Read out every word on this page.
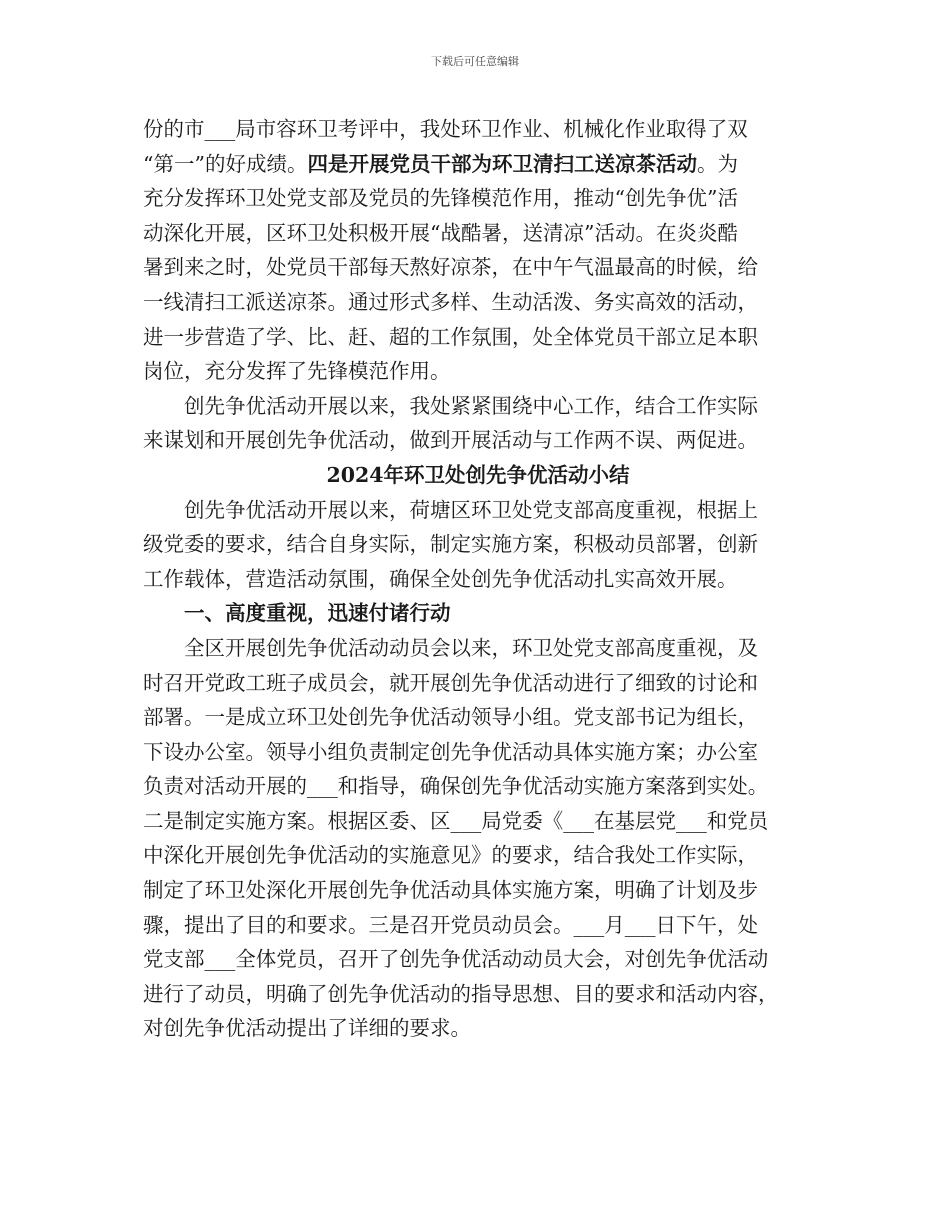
下载后可任意编辑
份的市___局市容环卫考评中，我处环卫作业、机械化作业取得了双
“第一”的好成绩。 四是开展党员干部为环卫清扫工送凉茶活动 。为
充分发挥环卫处党支部及党员的先锋模范作用，推动“创先争优”活
动深化开展，区环卫处积极开展“战酷暑，送清凉”活动。在炎炎酷
暑到来之时，处党员干部每天熬好凉茶，在中午气温最高的时候，给
一线清扫工派送凉茶。通过形式多样、生动活泼、务实高效的活动，
进一步营造了学、比、赶、超的工作氛围，处全体党员干部立足本职
岗位，充分发挥了先锋模范作用。
创先争优活动开展以来，我处紧紧围绕中心工作，结合工作实际
来谋划和开展创先争优活动，做到开展活动与工作两不误、两促进。
2024年环卫处创先争优活动小结
创先争优活动开展以来，荷塘区环卫处党支部高度重视，根据上
级党委的要求，结合自身实际，制定实施方案，积极动员部署，创新
工作载体，营造活动氛围，确保全处创先争优活动扎实高效开展。
一、高度重视，迅速付诸行动
全区开展创先争优活动动员会以来，环卫处党支部高度重视，及
时召开党政工班子成员会，就开展创先争优活动进行了细致的讨论和
部署。一是成立环卫处创先争优活动领导小组。党支部书记为组长，
下设办公室。领导小组负责制定创先争优活动具体实施方案；办公室
负责对活动开展的___和指导，确保创先争优活动实施方案落到实处。
二是制定实施方案。根据区委、区___局党委《___在基层党___和党员
中深化开展创先争优活动的实施意见》的要求，结合我处工作实际，
制定了环卫处深化开展创先争优活动具体实施方案，明确了计划及步
骤，提出了目的和要求。三是召开党员动员会。___月___日下午，处
党支部___全体党员，召开了创先争优活动动员大会，对创先争优活动
进行了动员，明确了创先争优活动的指导思想、目的要求和活动内容，
对创先争优活动提出了详细的要求。
